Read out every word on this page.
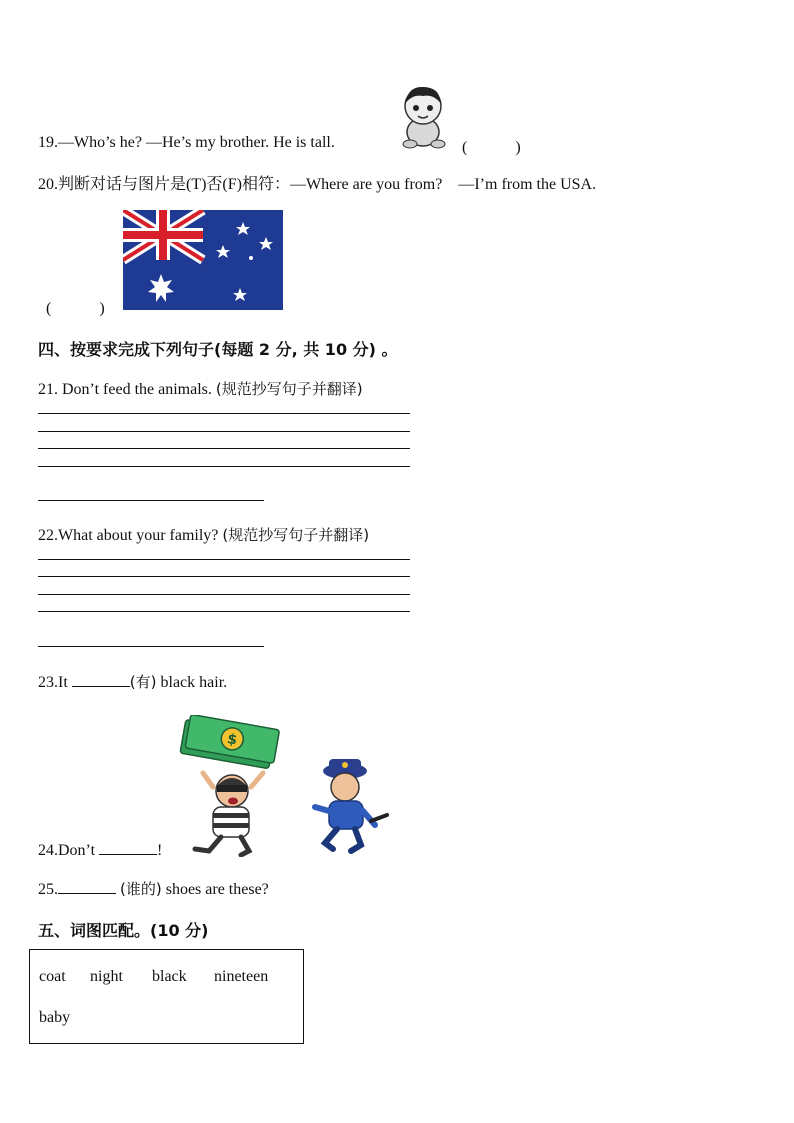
19.—Who’s he? —He’s my brother. He is tall.	(　　　)
20.判断对话与图片是(T)否(F)相符：—Where are you from?　—I’m from the USA.
(　　　)
四、按要求完成下列句子(每题 2 分, 共 10 分) 。
21. Don’t feed the animals. (规范抄写句子并翻译)
22.What about your family? (规范抄写句子并翻译)
23.It	(有) black hair.
$
24.Don’t	!
25.	(谁的) shoes are these?
五、词图匹配。(10 分)
coat night black nineteen
baby
